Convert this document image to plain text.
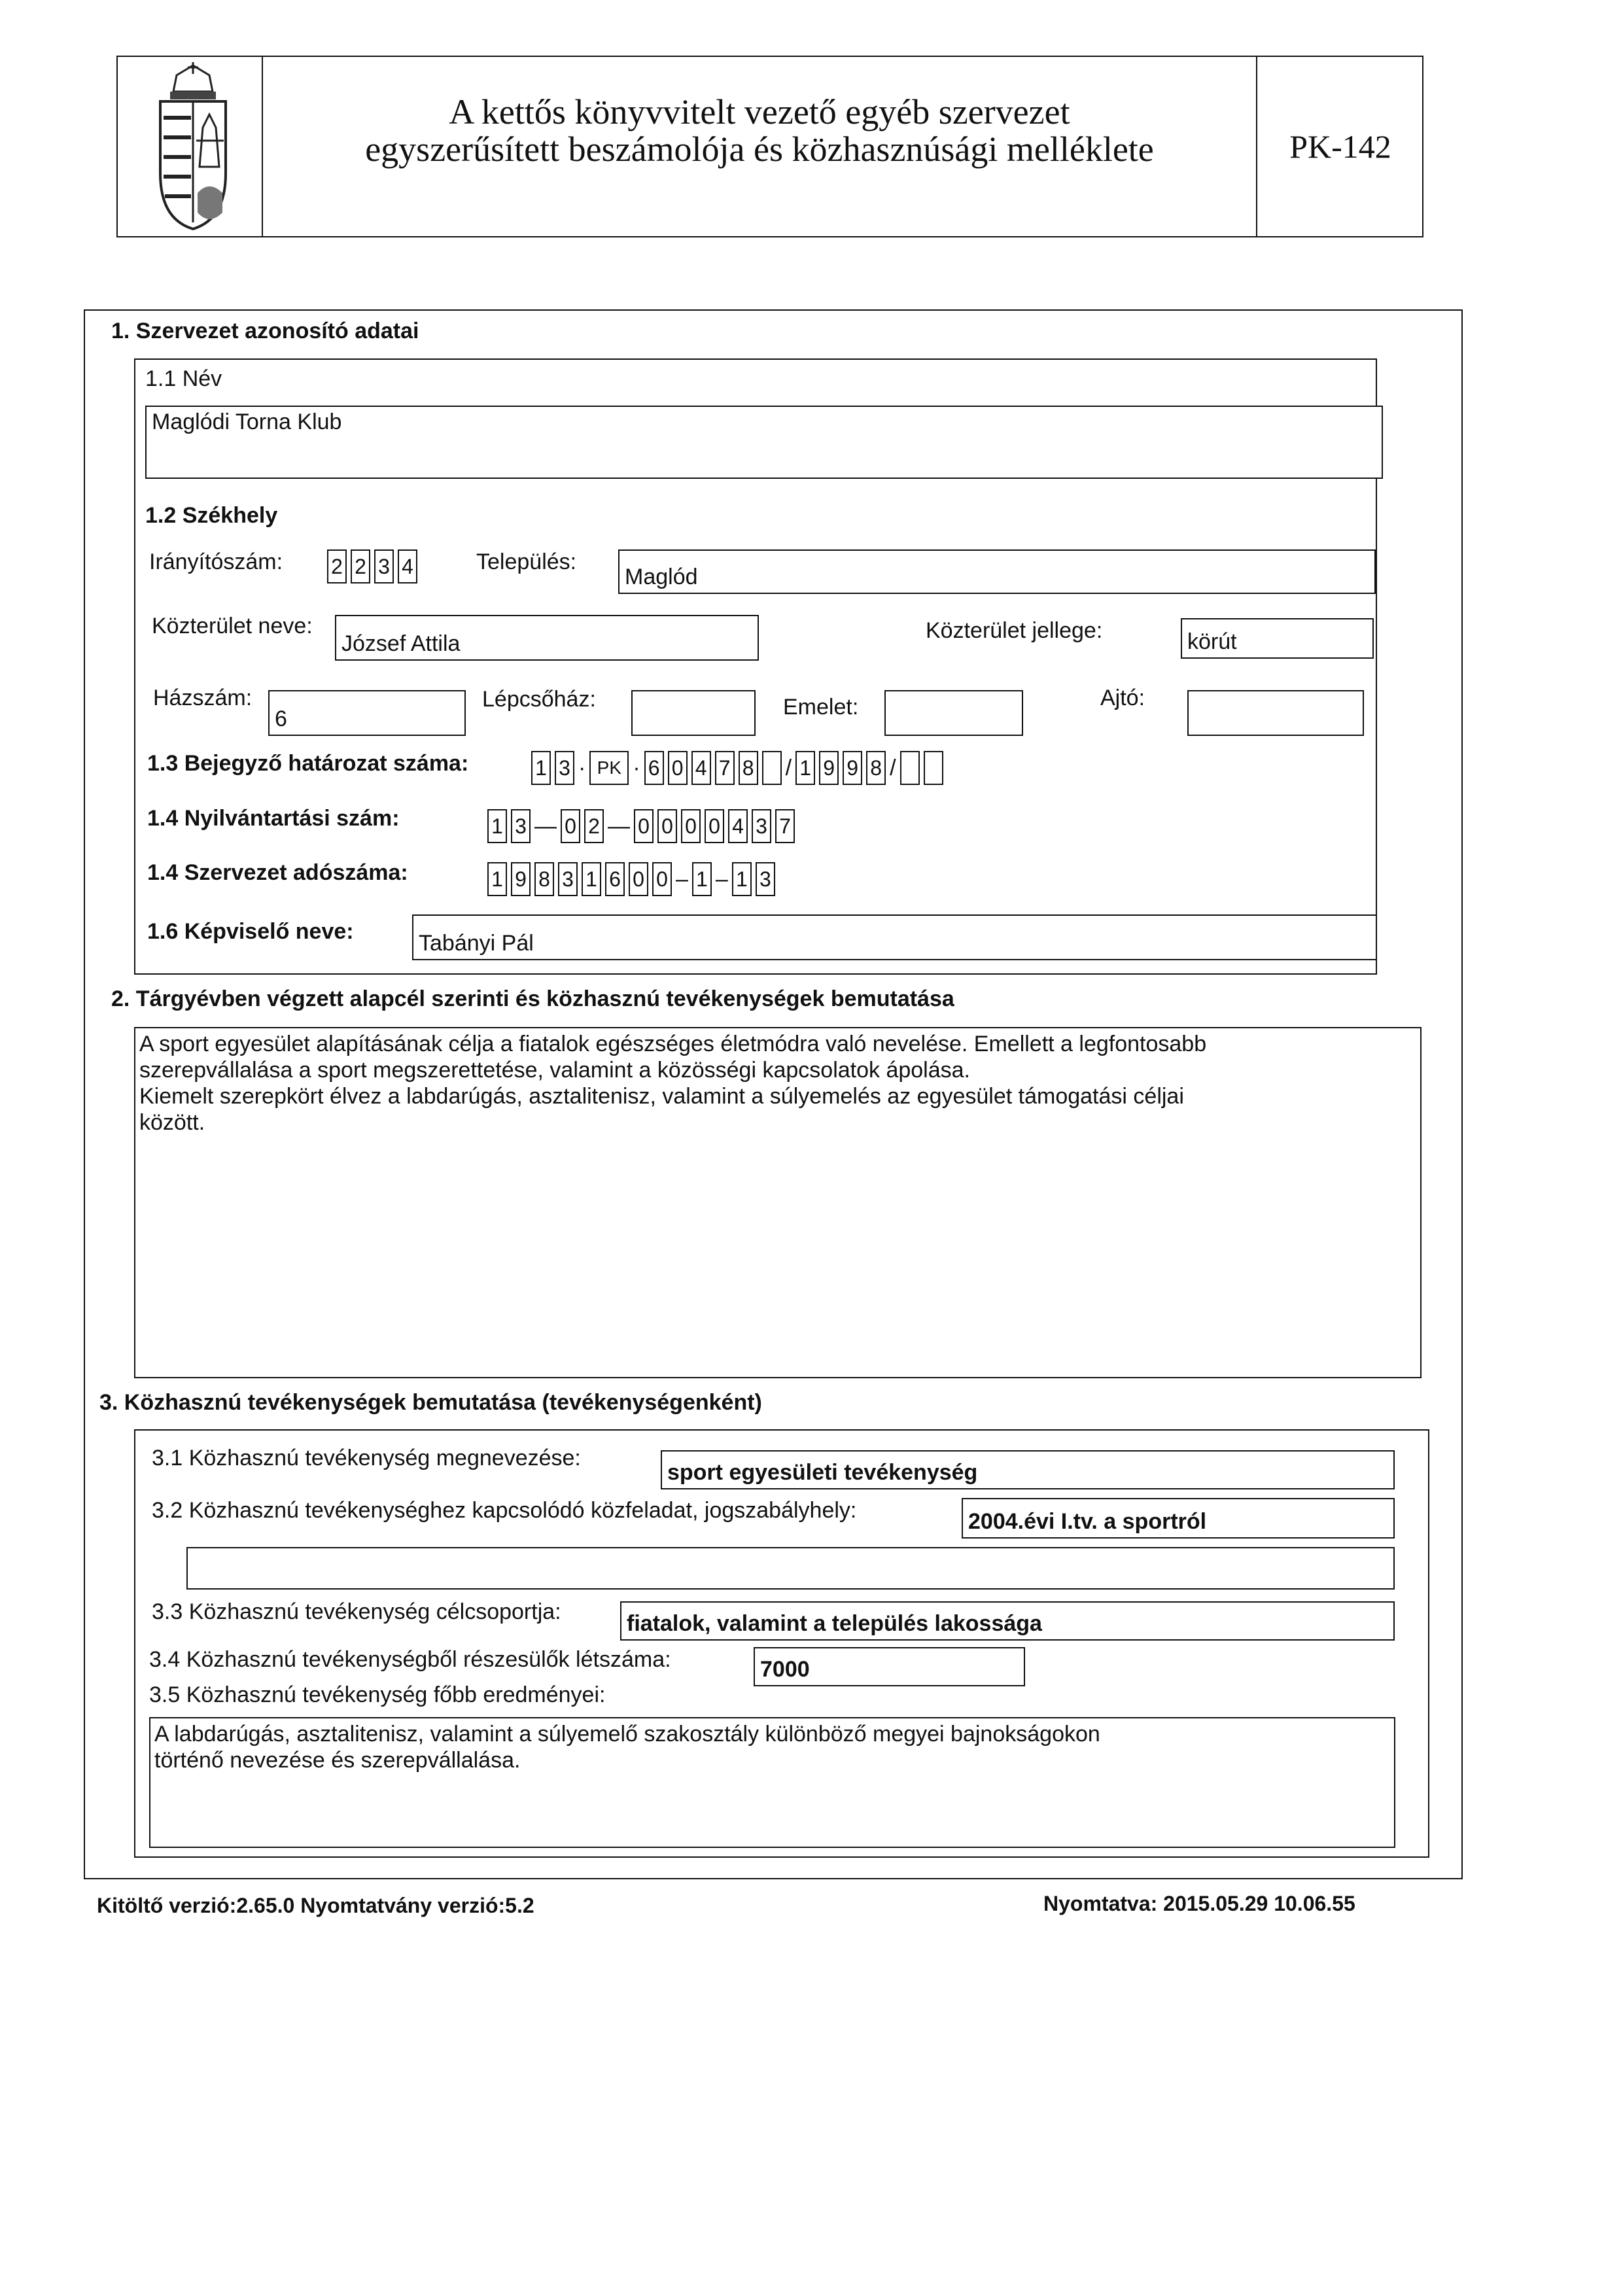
A kettős könyvvitelt vezető egyéb szervezet
egyszerűsített beszámolója és közhasznúsági melléklete	PK-142
1. Szervezet azonosító adatai
1.1 Név
Maglódi Torna Klub
1.2 Székhely
Irányítószám: 2 2 3 4	Település:
Maglód
Közterület neve:
József Attila
Közterület jellege:	körút
Házszám:
6
Lépcsőház:	Emelet:	Ajtó:
1.3 Bejegyző határozat száma:	1 3 · PK · 6 0 4 7 8 / 1 9 9 8 /
1.4 Nyilvántartási szám:	1 3 — 0 2 — 0 0 0 0 4 3 7
1.4 Szervezet adószáma:	1 9 8 3 1 6 0 0 – 1 – 1 3
1.6 Képviselő neve:	Tabányi Pál
2. Tárgyévben végzett alapcél szerinti és közhasznú tevékenységek bemutatása
A sport egyesület alapításának célja a fiatalok egészséges életmódra való nevelése. Emellett a legfontosabb
szerepvállalása a sport megszerettetése, valamint a közösségi kapcsolatok ápolása.
Kiemelt szerepkört élvez a labdarúgás, asztalitenisz, valamint a súlyemelés az egyesület támogatási céljai
között.
3. Közhasznú tevékenységek bemutatása (tevékenységenként)
3.1 Közhasznú tevékenység megnevezése:
sport egyesületi tevékenység
3.2 Közhasznú tevékenységhez kapcsolódó közfeladat, jogszabályhely:	2004.évi I.tv. a sportról
3.3 Közhasznú tevékenység célcsoportja:	fiatalok, valamint a település lakossága
3.4 Közhasznú tevékenységből részesülők létszáma:	7000
3.5 Közhasznú tevékenység főbb eredményei:
A labdarúgás, asztalitenisz, valamint a súlyemelő szakosztály különböző megyei bajnokságokon
történő nevezése és szerepvállalása.
Kitöltő verzió:2.65.0 Nyomtatvány verzió:5.2	Nyomtatva: 2015.05.29 10.06.55
